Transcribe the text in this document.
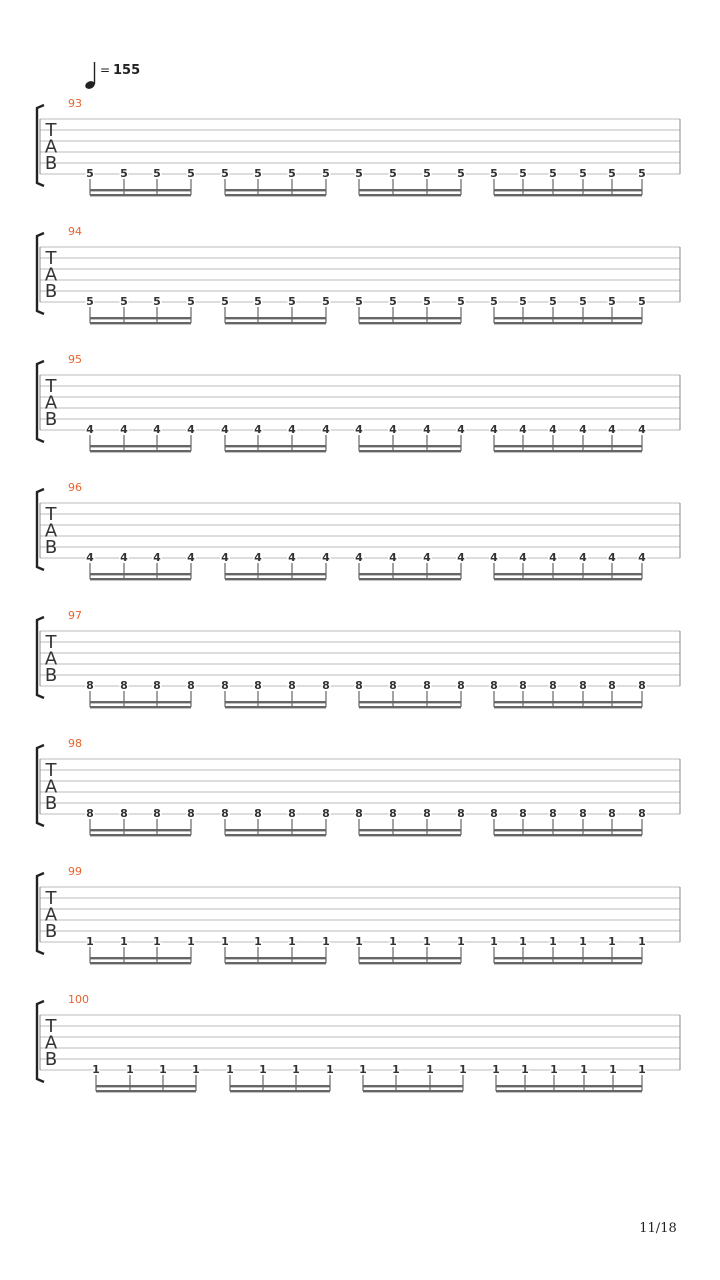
= 155
93
T
A
B	5 5 5 5 5 5 5 5 5 5 5 5 5 5 5 5 5 5
94
T
A
B	5 5 5 5 5 5 5 5 5 5 5 5 5 5 5 5 5 5
95
T
A
B	4 4 4 4 4 4 4 4 4 4 4 4 4 4 4 4 4 4
96
T
A
B	4 4 4 4 4 4 4 4 4 4 4 4 4 4 4 4 4 4
97
T
A
B	8 8 8 8 8 8 8 8 8 8 8 8 8 8 8 8 8 8
98
T
A
B	8 8 8 8 8 8 8 8 8 8 8 8 8 8 8 8 8 8
99
T
A
B	1 1 1 1 1 1 1 1 1 1 1 1 1 1 1 1 1 1
100
T
A
B	1 1 1 1 1 1 1 1 1 1 1 1 1 1 1 1 1 1
11/18
